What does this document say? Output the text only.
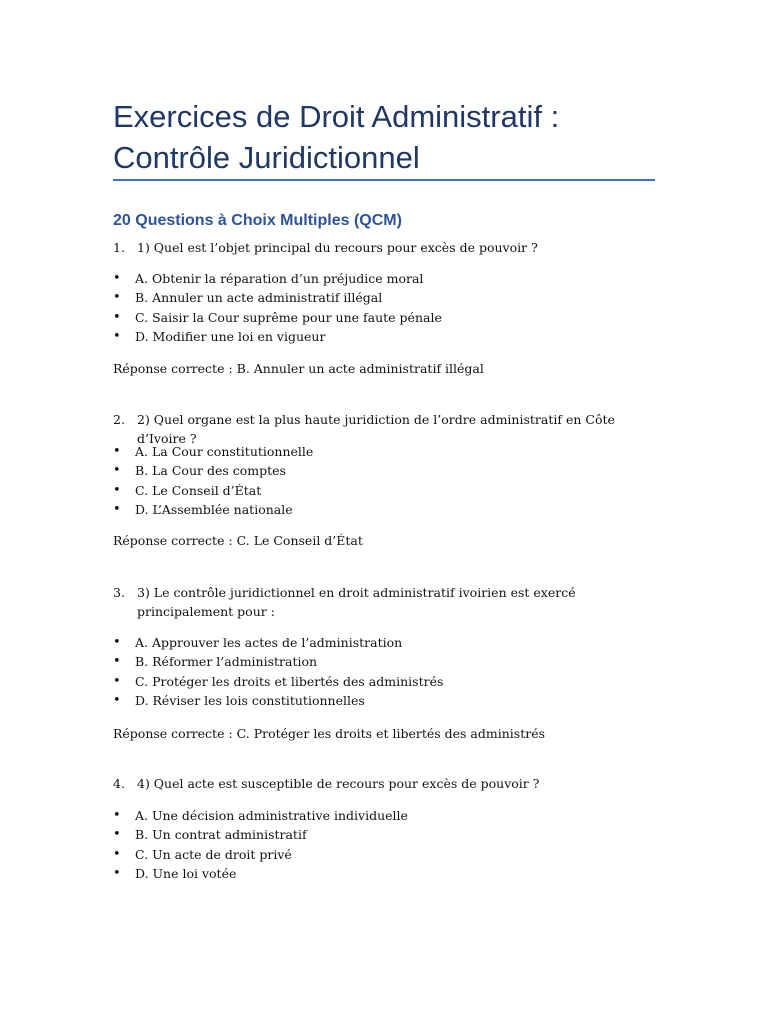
Exercices de Droit Administratif : Contrôle Juridictionnel
20 Questions à Choix Multiples (QCM)
1. 1) Quel est l’objet principal du recours pour excès de pouvoir ?
• A. Obtenir la réparation d’un préjudice moral
• B. Annuler un acte administratif illégal
• C. Saisir la Cour suprême pour une faute pénale
• D. Modifier une loi en vigueur
Réponse correcte : B. Annuler un acte administratif illégal
2. 2) Quel organe est la plus haute juridiction de l’ordre administratif en Côte d’Ivoire ?
• A. La Cour constitutionnelle
• B. La Cour des comptes
• C. Le Conseil d’État
• D. L’Assemblée nationale
Réponse correcte : C. Le Conseil d’État
3. 3) Le contrôle juridictionnel en droit administratif ivoirien est exercé principalement pour :
• A. Approuver les actes de l’administration
• B. Réformer l’administration
• C. Protéger les droits et libertés des administrés
• D. Réviser les lois constitutionnelles
Réponse correcte : C. Protéger les droits et libertés des administrés
4. 4) Quel acte est susceptible de recours pour excès de pouvoir ?
• A. Une décision administrative individuelle
• B. Un contrat administratif
• C. Un acte de droit privé
• D. Une loi votée
